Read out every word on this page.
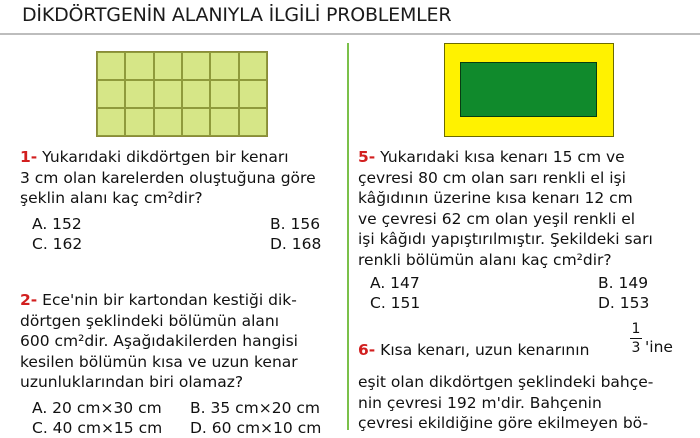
DİKDÖRTGENİN ALANIYLA İLGİLİ PROBLEMLER
1- Yukarıdaki dikdörtgen bir kenarı
3 cm olan karelerden oluştuğuna göre
şeklin alanı kaç cm²dir?
A. 152	B. 156
C. 162	D. 168
2- Ece'nin bir kartondan kestiği dik-
dörtgen şeklindeki bölümün alanı
600 cm²dir. Aşağıdakilerden hangisi
kesilen bölümün kısa ve uzun kenar
uzunluklarından biri olamaz?
A. 20 cm×30 cm B. 35 cm×20 cm
C. 40 cm×15 cm D. 60 cm×10 cm
5- Yukarıdaki kısa kenarı 15 cm ve
çevresi 80 cm olan sarı renkli el işi
kâğıdının üzerine kısa kenarı 12 cm
ve çevresi 62 cm olan yeşil renkli el
işi kâğıdı yapıştırılmıştır. Şekildeki sarı
renkli bölümün alanı kaç cm²dir?
A. 147	B. 149
C. 151	D. 153
6- Kısa kenarı, uzun kenarının
1
3 'ine
eşit olan dikdörtgen şeklindeki bahçe-
nin çevresi 192 m'dir. Bahçenin
çevresi ekildiğine göre ekilmeyen bö-
